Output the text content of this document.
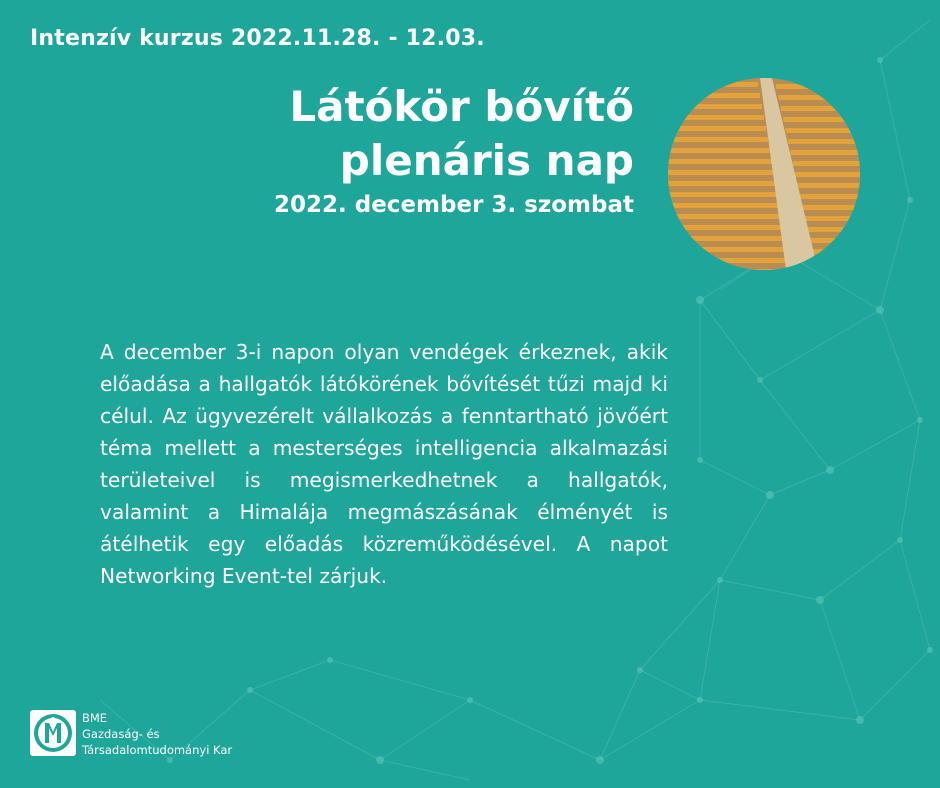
Intenzív kurzus 2022.11.28. - 12.03.
Látókör bővítő
plenáris nap
2022. december 3. szombat
A december 3-i napon olyan vendégek érkeznek, akik előadása a hallgatók látókörének bővítését tűzi majd ki célul. Az ügyvezérelt vállalkozás a fenntartható jövőért téma mellett a mesterséges intelligencia alkalmazási területeivel is megismerkedhetnek a hallgatók, valamint a Himalája megmászásának élményét is átélhetik egy előadás közreműködésével. A napot Networking Event-tel zárjuk.
BME
Gazdaság- és
Társadalomtudományi Kar
